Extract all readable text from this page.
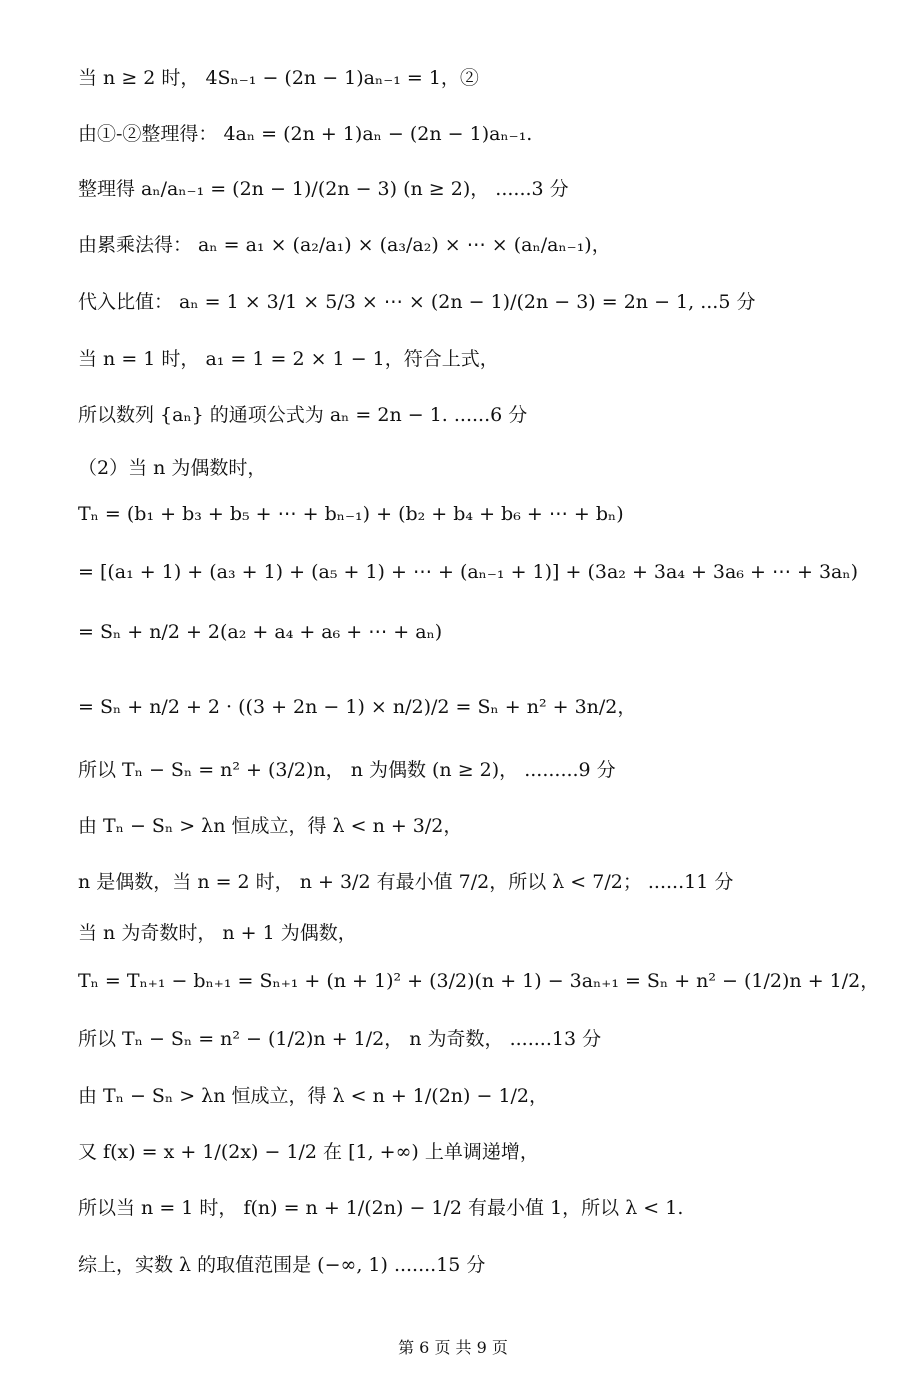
当 n ≥ 2 时， 4Sₙ₋₁ − (2n − 1)aₙ₋₁ = 1，②
由①-②整理得： 4aₙ = (2n + 1)aₙ − (2n − 1)aₙ₋₁.
整理得 aₙ/aₙ₋₁ = (2n − 1)/(2n − 3) (n ≥ 2)， ......3 分
由累乘法得： aₙ = a₁ × (a₂/a₁) × (a₃/a₂) × ⋯ × (aₙ/aₙ₋₁)，
代入比值： aₙ = 1 × 3/1 × 5/3 × ⋯ × (2n − 1)/(2n − 3) = 2n − 1, ...5 分
当 n = 1 时， a₁ = 1 = 2 × 1 − 1，符合上式，
所以数列 {aₙ} 的通项公式为 aₙ = 2n − 1. ......6 分
（2）当 n 为偶数时，
Tₙ = (b₁ + b₃ + b₅ + ⋯ + bₙ₋₁) + (b₂ + b₄ + b₆ + ⋯ + bₙ)
= [(a₁ + 1) + (a₃ + 1) + (a₅ + 1) + ⋯ + (aₙ₋₁ + 1)] + (3a₂ + 3a₄ + 3a₆ + ⋯ + 3aₙ)
= Sₙ + n/2 + 2(a₂ + a₄ + a₆ + ⋯ + aₙ)
= Sₙ + n/2 + 2 · ((3 + 2n − 1) × n/2)/2 = Sₙ + n² + 3n/2，
所以 Tₙ − Sₙ = n² + (3/2)n， n 为偶数 (n ≥ 2)， .........9 分
由 Tₙ − Sₙ > λn 恒成立，得 λ < n + 3/2，
n 是偶数，当 n = 2 时， n + 3/2 有最小值 7/2，所以 λ < 7/2； ......11 分
当 n 为奇数时， n + 1 为偶数，
Tₙ = Tₙ₊₁ − bₙ₊₁ = Sₙ₊₁ + (n + 1)² + (3/2)(n + 1) − 3aₙ₊₁ = Sₙ + n² − (1/2)n + 1/2，
所以 Tₙ − Sₙ = n² − (1/2)n + 1/2， n 为奇数， .......13 分
由 Tₙ − Sₙ > λn 恒成立，得 λ < n + 1/(2n) − 1/2，
又 f(x) = x + 1/(2x) − 1/2 在 [1, +∞) 上单调递增，
所以当 n = 1 时， f(n) = n + 1/(2n) − 1/2 有最小值 1，所以 λ < 1.
综上，实数 λ 的取值范围是 (−∞, 1) .......15 分
第 6 页 共 9 页
